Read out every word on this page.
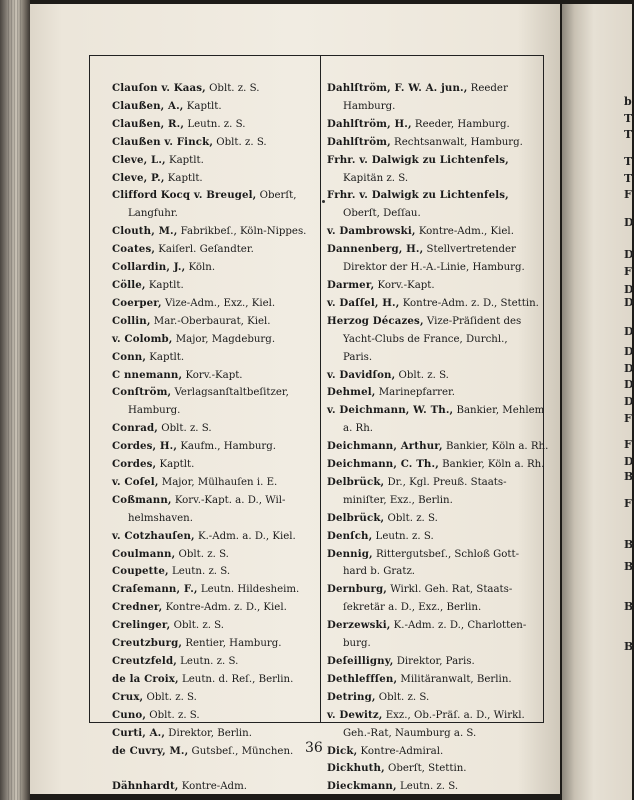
b
T
T
T
T
F
D
D
F
D
D
D
D
D
D
D
F
F
D
B
F
B
B
B
B
Clauſon v. Kaas, Oblt. z. S.
Claußen, A., Kaptlt.
Claußen, R., Leutn. z. S.
Claußen v. Finck, Oblt. z. S.
Cleve, L., Kaptlt.
Cleve, P., Kaptlt.
Clifford Kocq v. Breugel, Oberſt,
Langfuhr.
Clouth, M., Fabrikbeſ., Köln-Nippes.
Coates, Kaiſerl. Geſandter.
Collardin, J., Köln.
Cölle, Kaptlt.
Coerper, Vize-Adm., Exz., Kiel.
Collin, Mar.-Oberbaurat, Kiel.
v. Colomb, Major, Magdeburg.
Conn, Kaptlt.
C nnemann, Korv.-Kapt.
Conſtröm, Verlagsanſtaltbeſitzer,
Hamburg.
Conrad, Oblt. z. S.
Cordes, H., Kaufm., Hamburg.
Cordes, Kaptlt.
v. Coſel, Major, Mülhauſen i. E.
Coßmann, Korv.-Kapt. a. D., Wil-
helmshaven.
v. Cotzhauſen, K.-Adm. a. D., Kiel.
Coulmann, Oblt. z. S.
Coupette, Leutn. z. S.
Craſemann, F., Leutn. Hildesheim.
Credner, Kontre-Adm. z. D., Kiel.
Crelinger, Oblt. z. S.
Creutzburg, Rentier, Hamburg.
Creutzfeld, Leutn. z. S.
de la Croix, Leutn. d. Reſ., Berlin.
Crux, Oblt. z. S.
Cuno, Oblt. z. S.
Curti, A., Direktor, Berlin.
de Cuvry, M., Gutsbeſ., München.

Dähnhardt, Kontre-Adm.
Dahlſtröm, F. W. A. jun., Reeder
Hamburg.
Dahlſtröm, H., Reeder, Hamburg.
Dahlſtröm, Rechtsanwalt, Hamburg.
Frhr. v. Dalwigk zu Lichtenfels,
Kapitän z. S.
Frhr. v. Dalwigk zu Lichtenfels,
Oberſt, Deſſau.
v. Dambrowski, Kontre-Adm., Kiel.
Dannenberg, H., Stellvertretender
Direktor der H.-A.-Linie, Hamburg.
Darmer, Korv.-Kapt.
v. Daſſel, H., Kontre-Adm. z. D., Stettin.
Herzog Décazes, Vize-Präſident des
Yacht-Clubs de France, Durchl.,
Paris.
v. Davidſon, Oblt. z. S.
Dehmel, Marinepfarrer.
v. Deichmann, W. Th., Bankier, Mehlem
a. Rh.
Deichmann, Arthur, Bankier, Köln a. Rh.
Deichmann, C. Th., Bankier, Köln a. Rh.
Delbrück, Dr., Kgl. Preuß. Staats-
miniſter, Exz., Berlin.
Delbrück, Oblt. z. S.
Denſch, Leutn. z. S.
Dennig, Rittergutsbeſ., Schloß Gott-
hard b. Gratz.
Dernburg, Wirkl. Geh. Rat, Staats-
ſekretär a. D., Exz., Berlin.
Derzewski, K.-Adm. z. D., Charlotten-
burg.
Deſeilligny, Direktor, Paris.
Dethleffſen, Militäranwalt, Berlin.
Detring, Oblt. z. S.
v. Dewitz, Exz., Ob.-Präſ. a. D., Wirkl.
Geh.-Rat, Naumburg a. S.
Dick, Kontre-Admiral.
Dickhuth, Oberſt, Stettin.
Dieckmann, Leutn. z. S.
36
